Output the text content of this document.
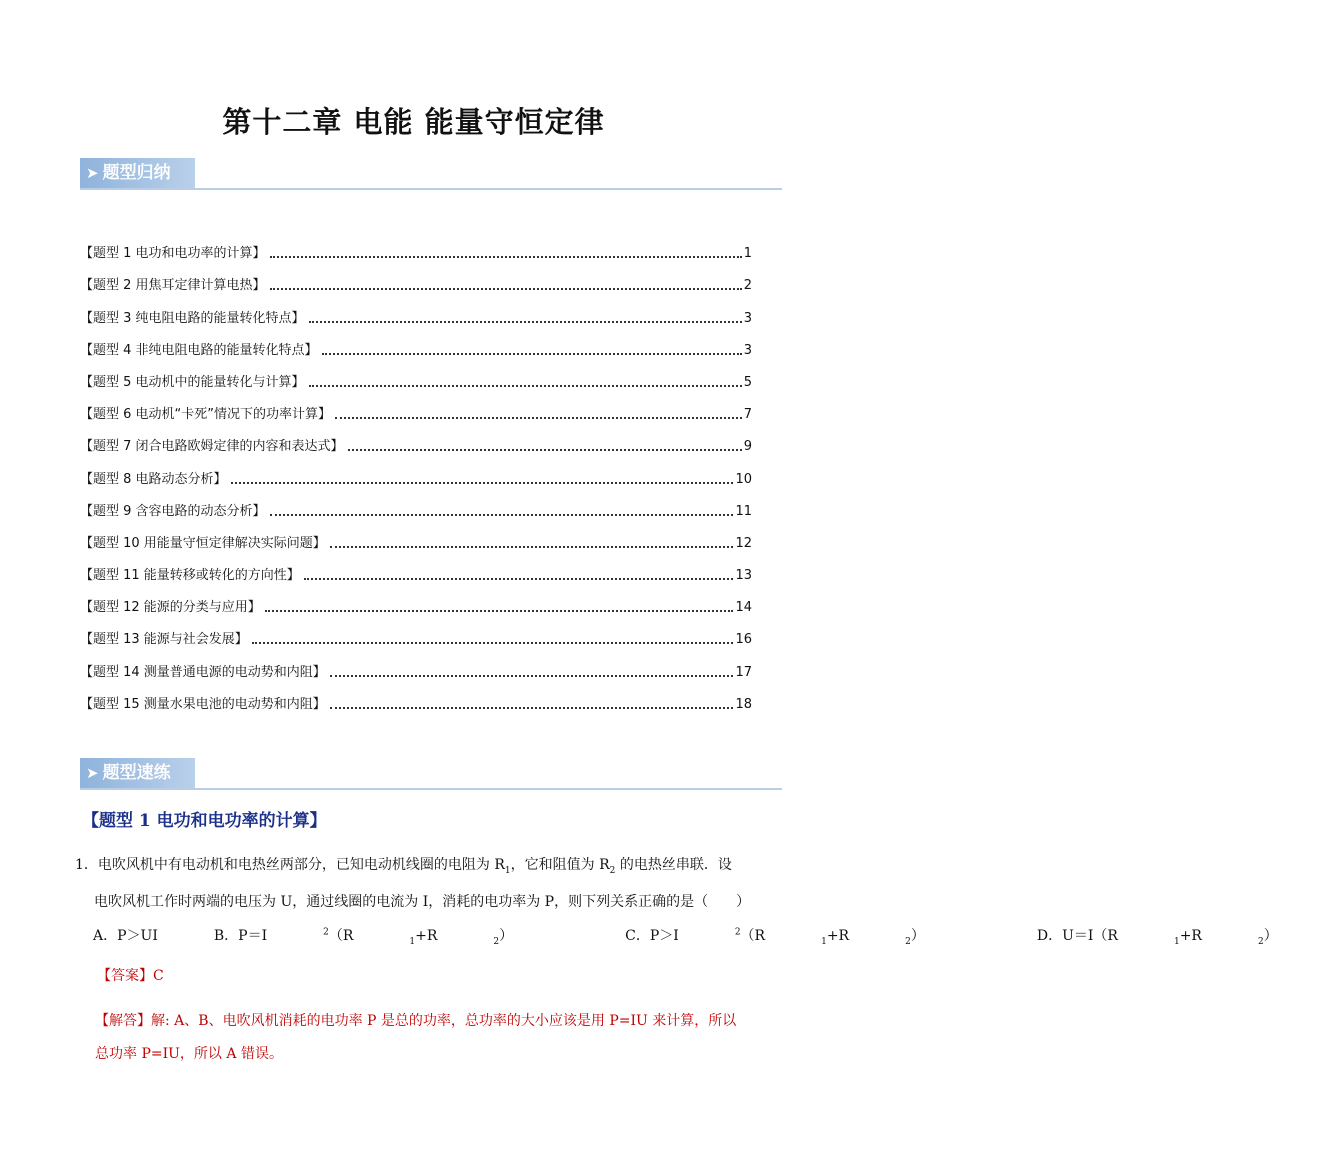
第十二章 电能 能量守恒定律
➤ 题型归纳
【题型 1 电功和电功率的计算】	1
【题型 2 用焦耳定律计算电热】	2
【题型 3 纯电阻电路的能量转化特点】	3
【题型 4 非纯电阻电路的能量转化特点】	3
【题型 5 电动机中的能量转化与计算】	5
【题型 6 电动机“卡死”情况下的功率计算】	7
【题型 7 闭合电路欧姆定律的内容和表达式】	9
【题型 8 电路动态分析】	10
【题型 9 含容电路的动态分析】	11
【题型 10 用能量守恒定律解决实际问题】	12
【题型 11 能量转移或转化的方向性】	13
【题型 12 能源的分类与应用】	14
【题型 13 能源与社会发展】	16
【题型 14 测量普通电源的电动势和内阻】	17
【题型 15 测量水果电池的电动势和内阻】	18
➤ 题型速练
【题型 1 电功和电功率的计算】
1．电吹风机中有电动机和电热丝两部分，已知电动机线圈的电阻为 $R_1$，它和阻值为 $R_2$ 的电热丝串联．设
电吹风机工作时两端的电压为 U，通过线圈的电流为 I，消耗的电功率为 P，则下列关系正确的是（　　）
A．P＞UI	B．P＝I	$^2$（R	$_1$+R	$_2$）	C．P＞I	$^2$（R	$_1$+R	$_2$）	D．U＝I（R	$_1$+R	$_2$）
【答案】C
【解答】解: A、B、电吹风机消耗的电功率 P 是总的功率，总功率的大小应该是用 P=IU 来计算，所以
总功率 P=IU，所以 A 错误。
